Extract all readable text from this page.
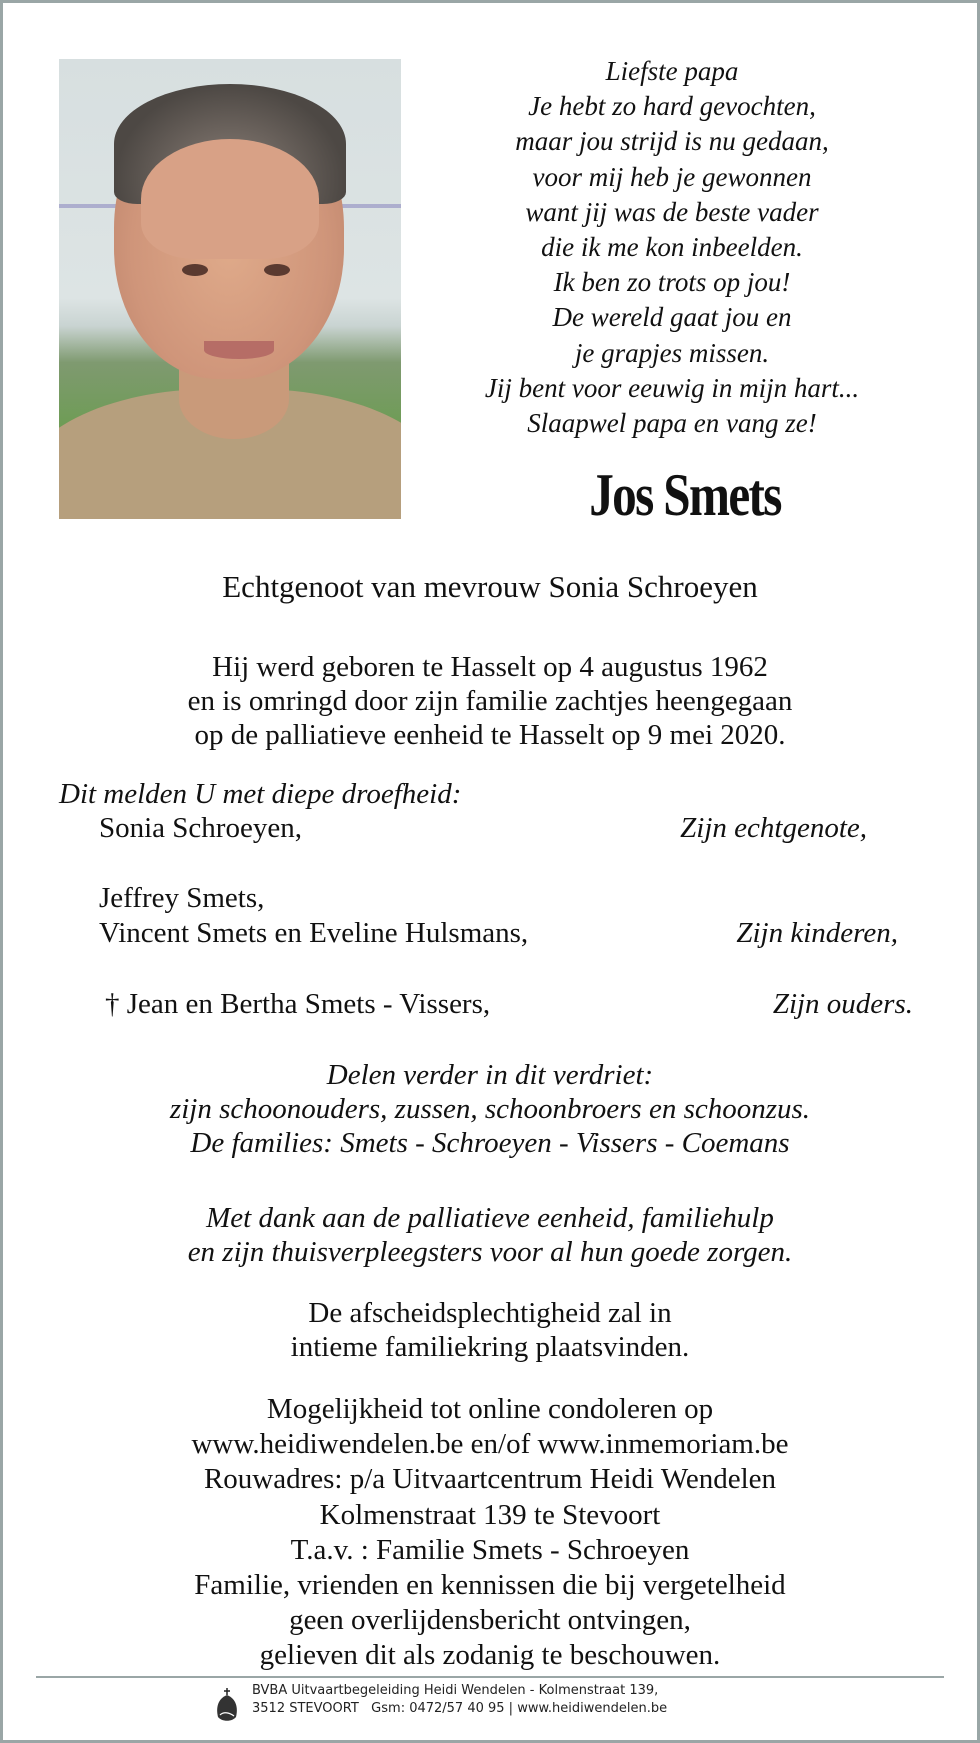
Liefste papa
Je hebt zo hard gevochten,
maar jou strijd is nu gedaan,
voor mij heb je gewonnen
want jij was de beste vader
die ik me kon inbeelden.
Ik ben zo trots op jou!
De wereld gaat jou en
je grapjes missen.
Jij bent voor eeuwig in mijn hart...
Slaapwel papa en vang ze!
Jos Smets
Echtgenoot van mevrouw Sonia Schroeyen
Hij werd geboren te Hasselt op 4 augustus 1962
en is omringd door zijn familie zachtjes heengegaan
op de palliatieve eenheid te Hasselt op 9 mei 2020.
Dit melden U met diepe droefheid:
Sonia Schroeyen,	Zijn echtgenote,
Jeffrey Smets,
Vincent Smets en Eveline Hulsmans,	Zijn kinderen,
† Jean en Bertha Smets - Vissers,	Zijn ouders.
Delen verder in dit verdriet:
zijn schoonouders, zussen, schoonbroers en schoonzus.
De families: Smets - Schroeyen - Vissers - Coemans
Met dank aan de palliatieve eenheid, familiehulp
en zijn thuisverpleegsters voor al hun goede zorgen.
De afscheidsplechtigheid zal in
intieme familiekring plaatsvinden.
Mogelijkheid tot online condoleren op
www.heidiwendelen.be en/of www.inmemoriam.be
Rouwadres: p/a Uitvaartcentrum Heidi Wendelen
Kolmenstraat 139 te Stevoort
T.a.v. : Familie Smets - Schroeyen
Familie, vrienden en kennissen die bij vergetelheid
geen overlijdensbericht ontvingen,
gelieven dit als zodanig te beschouwen.
BVBA Uitvaartbegeleiding Heidi Wendelen - Kolmenstraat 139,
3512 STEVOORT   Gsm: 0472/57 40 95 | www.heidiwendelen.be
